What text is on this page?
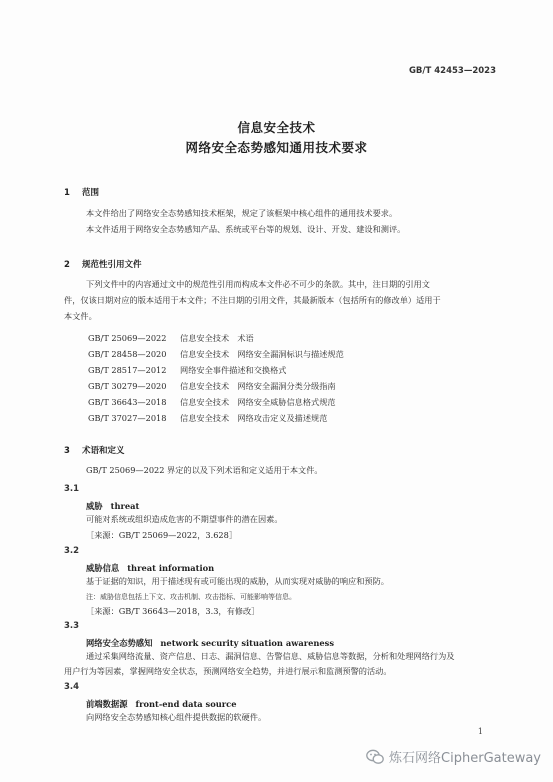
GB/T 42453—2023
信息安全技术
网络安全态势感知通用技术要求
1 范围
本文件给出了网络安全态势感知技术框架，规定了该框架中核心组件的通用技术要求。
本文件适用于网络安全态势感知产品、系统或平台等的规划、设计、开发、建设和测评。
2 规范性引用文件
下列文件中的内容通过文中的规范性引用而构成本文件必不可少的条款。其中，注日期的引用文
件，仅该日期对应的版本适用于本文件；不注日期的引用文件，其最新版本（包括所有的修改单）适用于
本文件。
GB/T 25069—2022 信息安全技术　术语
GB/T 28458—2020 信息安全技术　网络安全漏洞标识与描述规范
GB/T 28517—2012 网络安全事件描述和交换格式
GB/T 30279—2020 信息安全技术　网络安全漏洞分类分级指南
GB/T 36643—2018 信息安全技术　网络安全威胁信息格式规范
GB/T 37027—2018 信息安全技术　网络攻击定义及描述规范
3 术语和定义
GB/T 25069—2022 界定的以及下列术语和定义适用于本文件。
3.1
威胁 threat
可能对系统或组织造成危害的不期望事件的潜在因素。
［来源：GB/T 25069—2022，3.628］
3.2
威胁信息 threat information
基于证据的知识，用于描述现有或可能出现的威胁，从而实现对威胁的响应和预防。
注：威胁信息包括上下文、攻击机制、攻击指标、可能影响等信息。
［来源：GB/T 36643—2018，3.3，有修改］
3.3
网络安全态势感知 network security situation awareness
通过采集网络流量、资产信息、日志、漏洞信息、告警信息、威胁信息等数据，分析和处理网络行为及
用户行为等因素，掌握网络安全状态，预测网络安全趋势，并进行展示和监测预警的活动。
3.4
前端数据源 front-end data source
向网络安全态势感知核心组件提供数据的软硬件。
1
炼石网络CipherGateway
